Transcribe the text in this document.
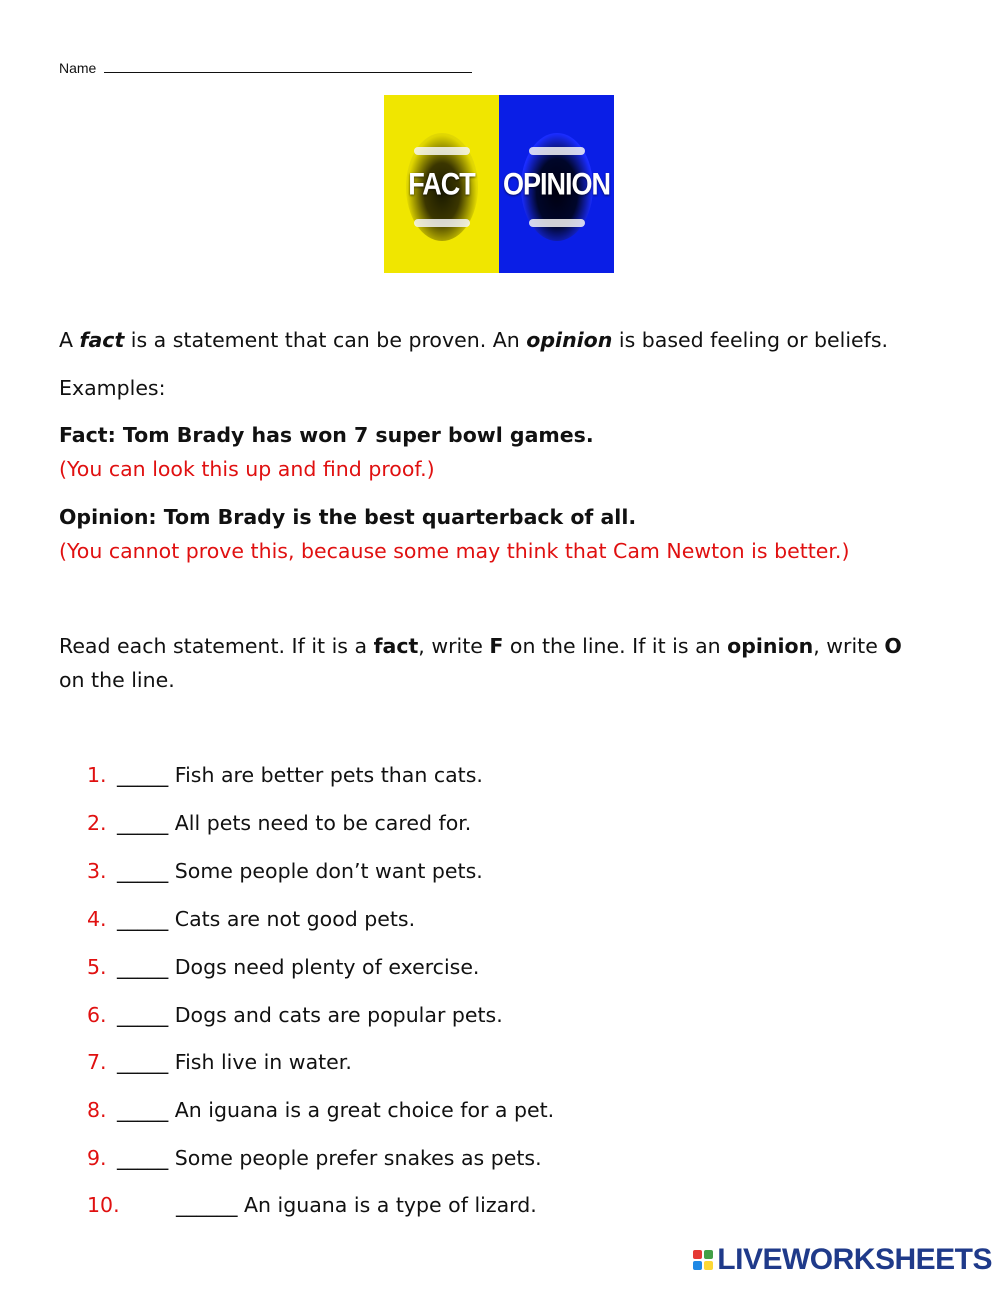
Name
FACT	OPINION
A fact is a statement that can be proven. An opinion is based feeling or beliefs.
Examples:
Fact: Tom Brady has won 7 super bowl games.
(You can look this up and find proof.)
Opinion: Tom Brady is the best quarterback of all.
(You cannot prove this, because some may think that Cam Newton is better.)
Read each statement. If it is a fact, write F on the line. If it is an opinion, write O
on the line.
1. _____ Fish are better pets than cats.
2. _____ All pets need to be cared for.
3. _____ Some people don’t want pets.
4. _____ Cats are not good pets.
5. _____ Dogs need plenty of exercise.
6. _____ Dogs and cats are popular pets.
7. _____ Fish live in water.
8. _____ An iguana is a great choice for a pet.
9. _____ Some people prefer snakes as pets.
10.	______ An iguana is a type of lizard.
LIVEWORKSHEETS
